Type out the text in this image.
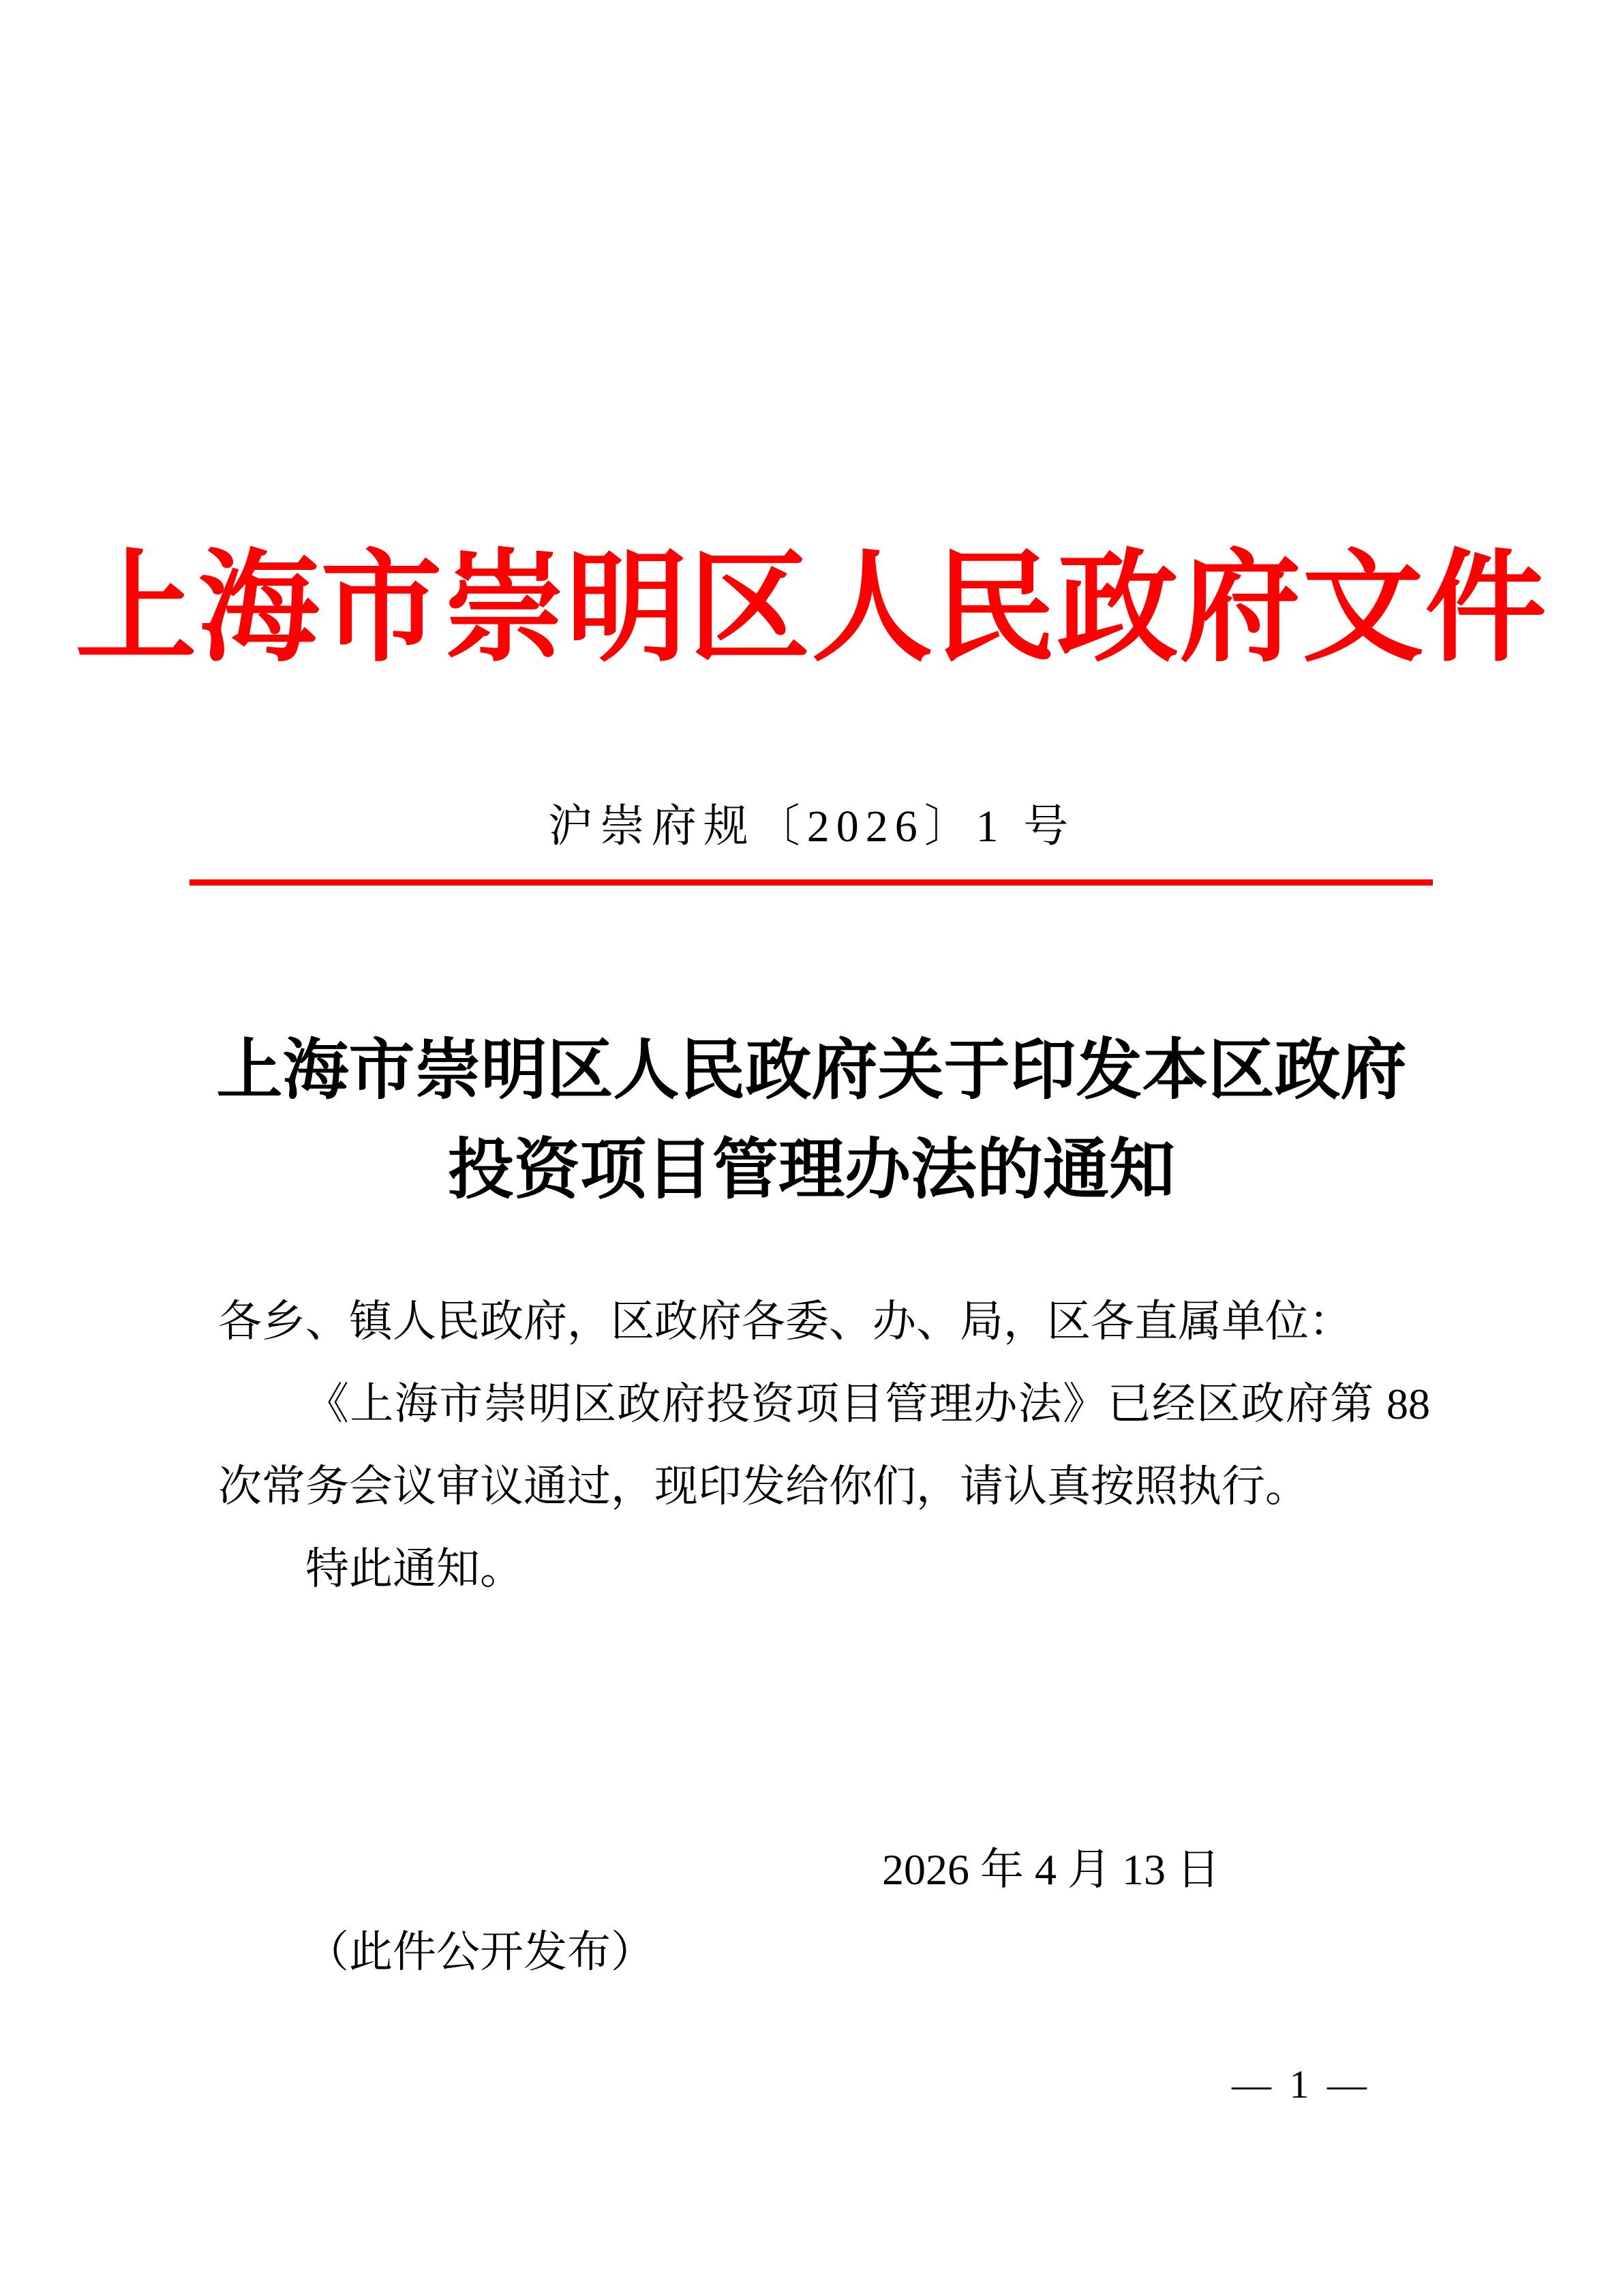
上海市崇明区人民政府文件
沪崇府规〔2026〕1 号
上海市崇明区人民政府关于印发本区政府
投资项目管理办法的通知

各乡、镇人民政府，区政府各委、办、局，区各直属单位：

《上海市崇明区政府投资项目管理办法》已经区政府第 88 次常务会议审议通过，现印发给你们，请认真按照执行。

特此通知。

2026 年 4 月 13 日

（此件公开发布）

— 1 —
